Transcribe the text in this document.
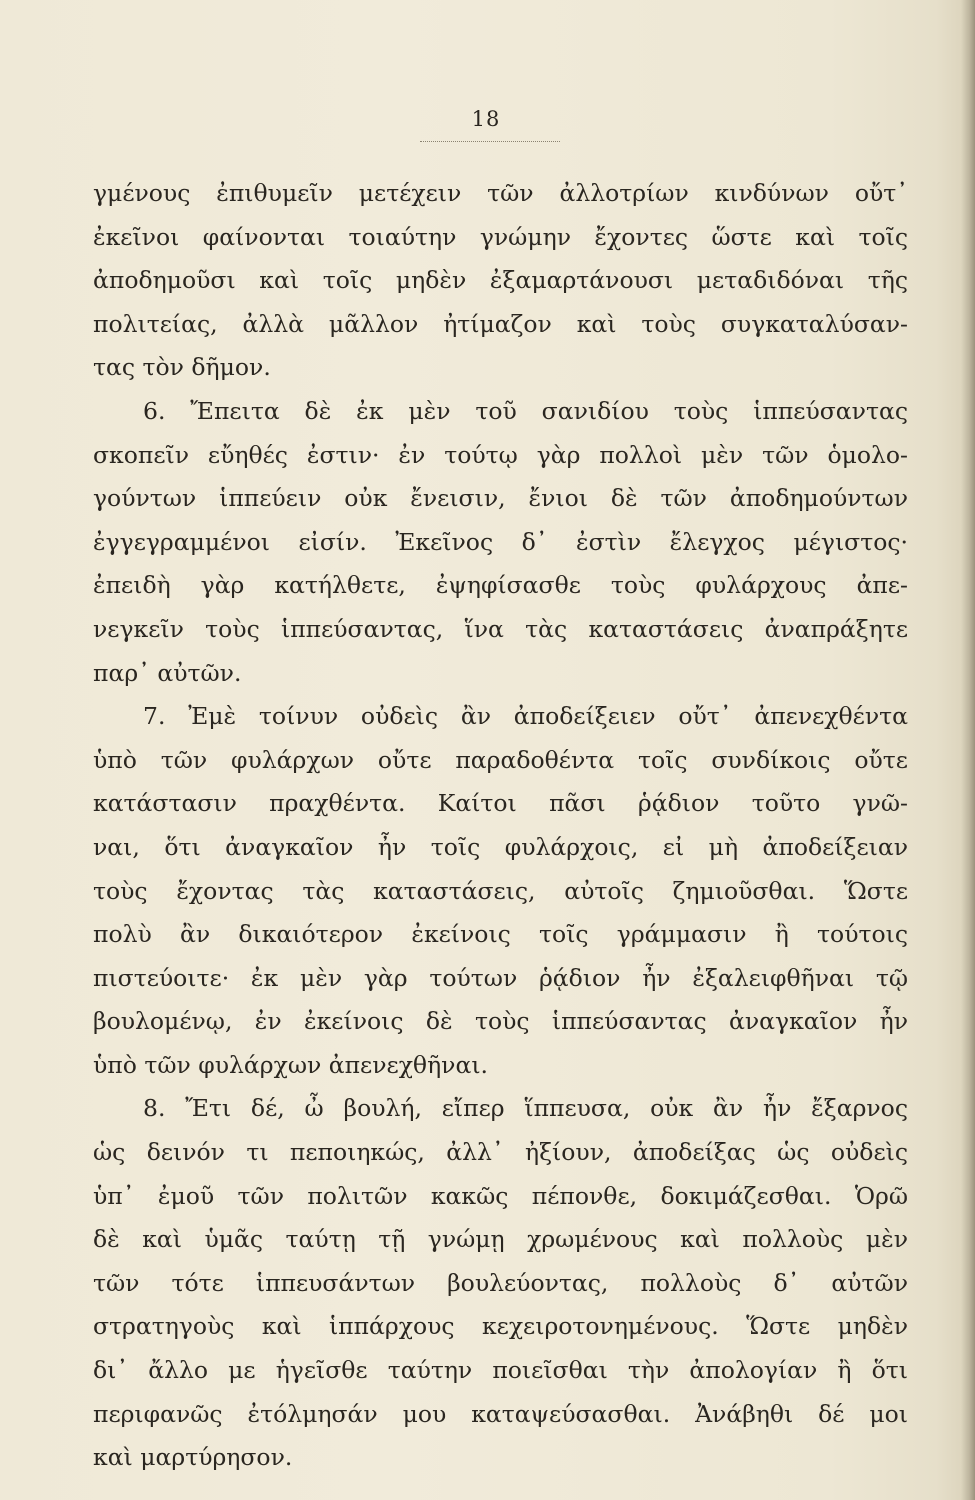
18
γμένους ἐπιθυμεῖν μετέχειν τῶν ἀλλοτρίων κινδύνων οὔτ᾿
ἐκεῖνοι φαίνονται τοιαύτην γνώμην ἔχοντες ὥστε καὶ τοῖς
ἀποδημοῦσι καὶ τοῖς μηδὲν ἐξαμαρτάνουσι μεταδιδόναι τῆς
πολιτείας, ἀλλὰ μᾶλλον ἠτίμαζον καὶ τοὺς συγκαταλύσαν-
τας τὸν δῆμον.
6. Ἔπειτα δὲ ἐκ μὲν τοῦ σανιδίου τοὺς ἱππεύσαντας
σκοπεῖν εὔηθές ἐστιν· ἐν τούτῳ γὰρ πολλοὶ μὲν τῶν ὁμολο-
γούντων ἱππεύειν οὐκ ἔνεισιν, ἔνιοι δὲ τῶν ἀποδημούντων
ἐγγεγραμμένοι εἰσίν. Ἐκεῖνος δ᾿ ἐστὶν ἔλεγχος μέγιστος·
ἐπειδὴ γὰρ κατήλθετε, ἐψηφίσασθε τοὺς φυλάρχους ἀπε-
νεγκεῖν τοὺς ἱππεύσαντας, ἵνα τὰς καταστάσεις ἀναπράξητε
παρ᾿ αὐτῶν.
7. Ἐμὲ τοίνυν οὐδεὶς ἂν ἀποδείξειεν οὔτ᾿ ἀπενεχθέντα
ὑπὸ τῶν φυλάρχων οὔτε παραδοθέντα τοῖς συνδίκοις οὔτε
κατάστασιν πραχθέντα. Καίτοι πᾶσι ῥᾴδιον τοῦτο γνῶ-
ναι, ὅτι ἀναγκαῖον ἦν τοῖς φυλάρχοις, εἰ μὴ ἀποδείξειαν
τοὺς ἔχοντας τὰς καταστάσεις, αὐτοῖς ζημιοῦσθαι. Ὥστε
πολὺ ἂν δικαιότερον ἐκείνοις τοῖς γράμμασιν ἢ τούτοις
πιστεύοιτε· ἐκ μὲν γὰρ τούτων ῥᾴδιον ἦν ἐξαλειφθῆναι τῷ
βουλομένῳ, ἐν ἐκείνοις δὲ τοὺς ἱππεύσαντας ἀναγκαῖον ἦν
ὑπὸ τῶν φυλάρχων ἀπενεχθῆναι.
8. Ἔτι δέ, ὦ βουλή, εἴπερ ἵππευσα, οὐκ ἂν ἦν ἔξαρνος
ὡς δεινόν τι πεποιηκώς, ἀλλ᾿ ἠξίουν, ἀποδείξας ὡς οὐδεὶς
ὑπ᾿ ἐμοῦ τῶν πολιτῶν κακῶς πέπονθε, δοκιμάζεσθαι. Ὁρῶ
δὲ καὶ ὑμᾶς ταύτῃ τῇ γνώμῃ χρωμένους καὶ πολλοὺς μὲν
τῶν τότε ἱππευσάντων βουλεύοντας, πολλοὺς δ᾿ αὐτῶν
στρατηγοὺς καὶ ἱππάρχους κεχειροτονημένους. Ὥστε μηδὲν
δι᾿ ἄλλο με ἡγεῖσθε ταύτην ποιεῖσθαι τὴν ἀπολογίαν ἢ ὅτι
περιφανῶς ἐτόλμησάν μου καταψεύσασθαι. Ἀνάβηθι δέ μοι
καὶ μαρτύρησον.
